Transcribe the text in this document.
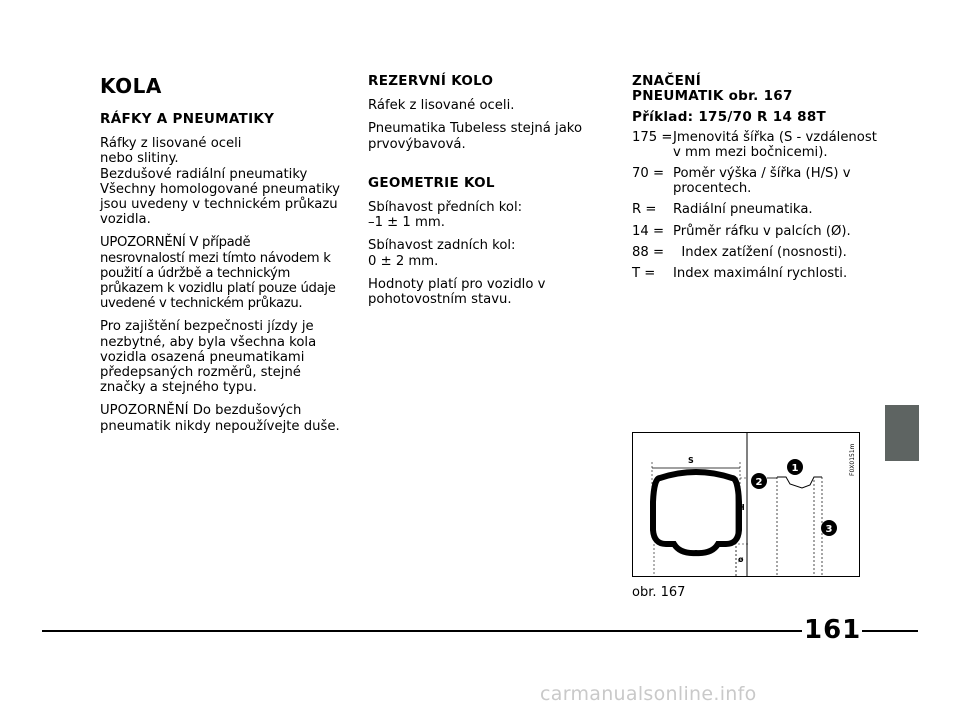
KOLA
RÁFKY A PNEUMATIKY

Ráfky z lisované oceli
nebo slitiny.
Bezdušové radiální pneumatiky
Všechny homologované pneumatiky
jsou uvedeny v technickém průkazu
vozidla.

UPOZORNĚNÍ V případě
nesrovnalostí mezi tímto návodem k
použití a údržbě a technickým
průkazem k vozidlu platí pouze údaje
uvedené v technickém průkazu.

Pro zajištění bezpečnosti jízdy je
nezbytné, aby byla všechna kola
vozidla osazená pneumatikami
předepsaných rozměrů, stejné
značky a stejného typu.

UPOZORNĚNÍ Do bezdušových
pneumatik nikdy nepoužívejte duše.

REZERVNÍ KOLO

Ráfek z lisované oceli.

Pneumatika Tubeless stejná jako
prvovýbavová.

GEOMETRIE KOL

Sbíhavost předních kol:
–1 ± 1 mm.

Sbíhavost zadních kol:
0 ± 2 mm.

Hodnoty platí pro vozidlo v
pohotovostním stavu.

ZNAČENÍ
PNEUMATIK obr. 167
Příklad: 175/70 R 14 88T
175 = Jmenovitá šířka (S - vzdálenost
v mm mezi bočnicemi).
70 = Poměr výška / šířka (H/S) v
procentech.
R =	Radiální pneumatika.
14 = Průměr ráfku v palcích (Ø).
88 = Index zatížení (nosnosti).
T =	Index maximální rychlosti.
S
H
ø
1
2
3
F0X0151m
obr. 167
161
carmanualsonline.info
